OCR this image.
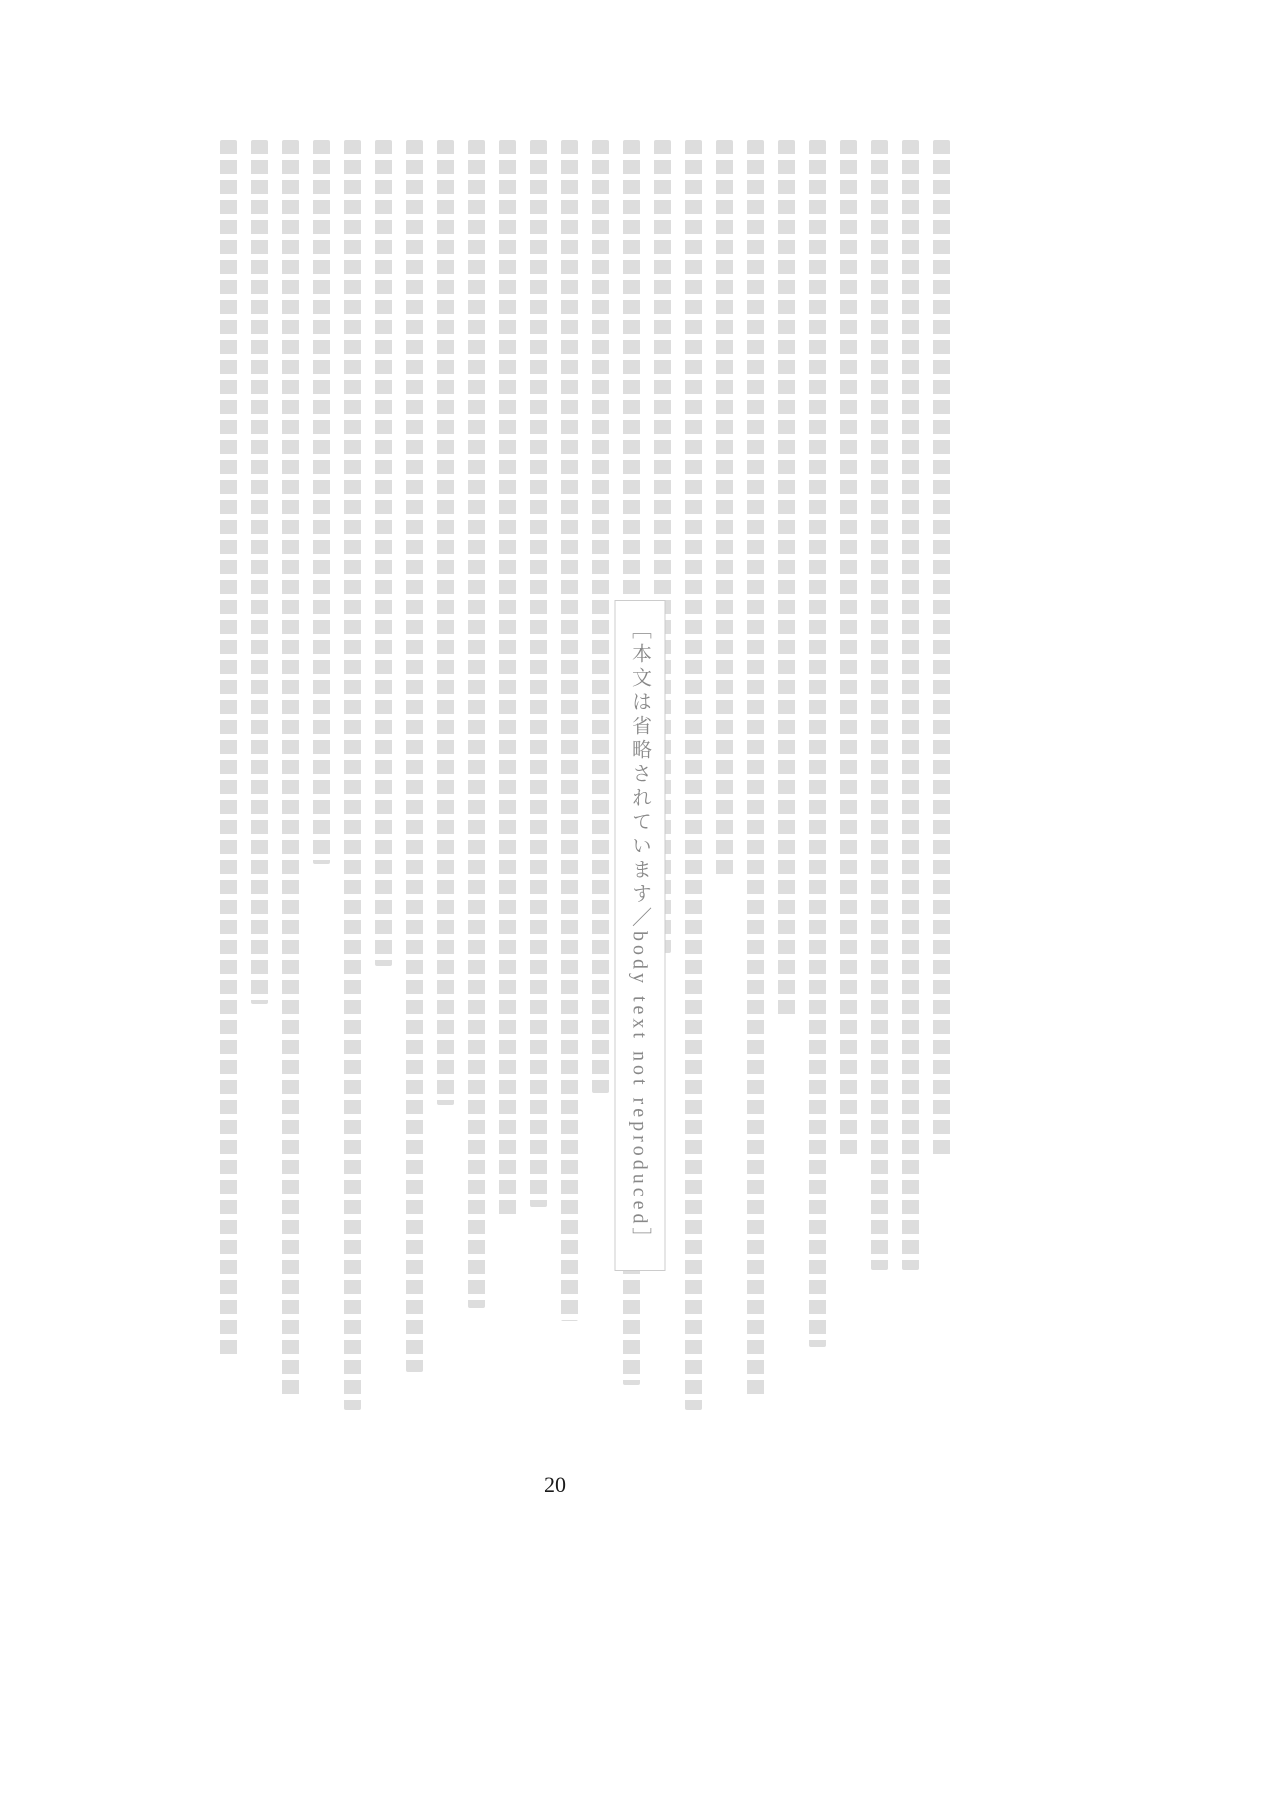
［本文は省略されています／body text not reproduced］
20
